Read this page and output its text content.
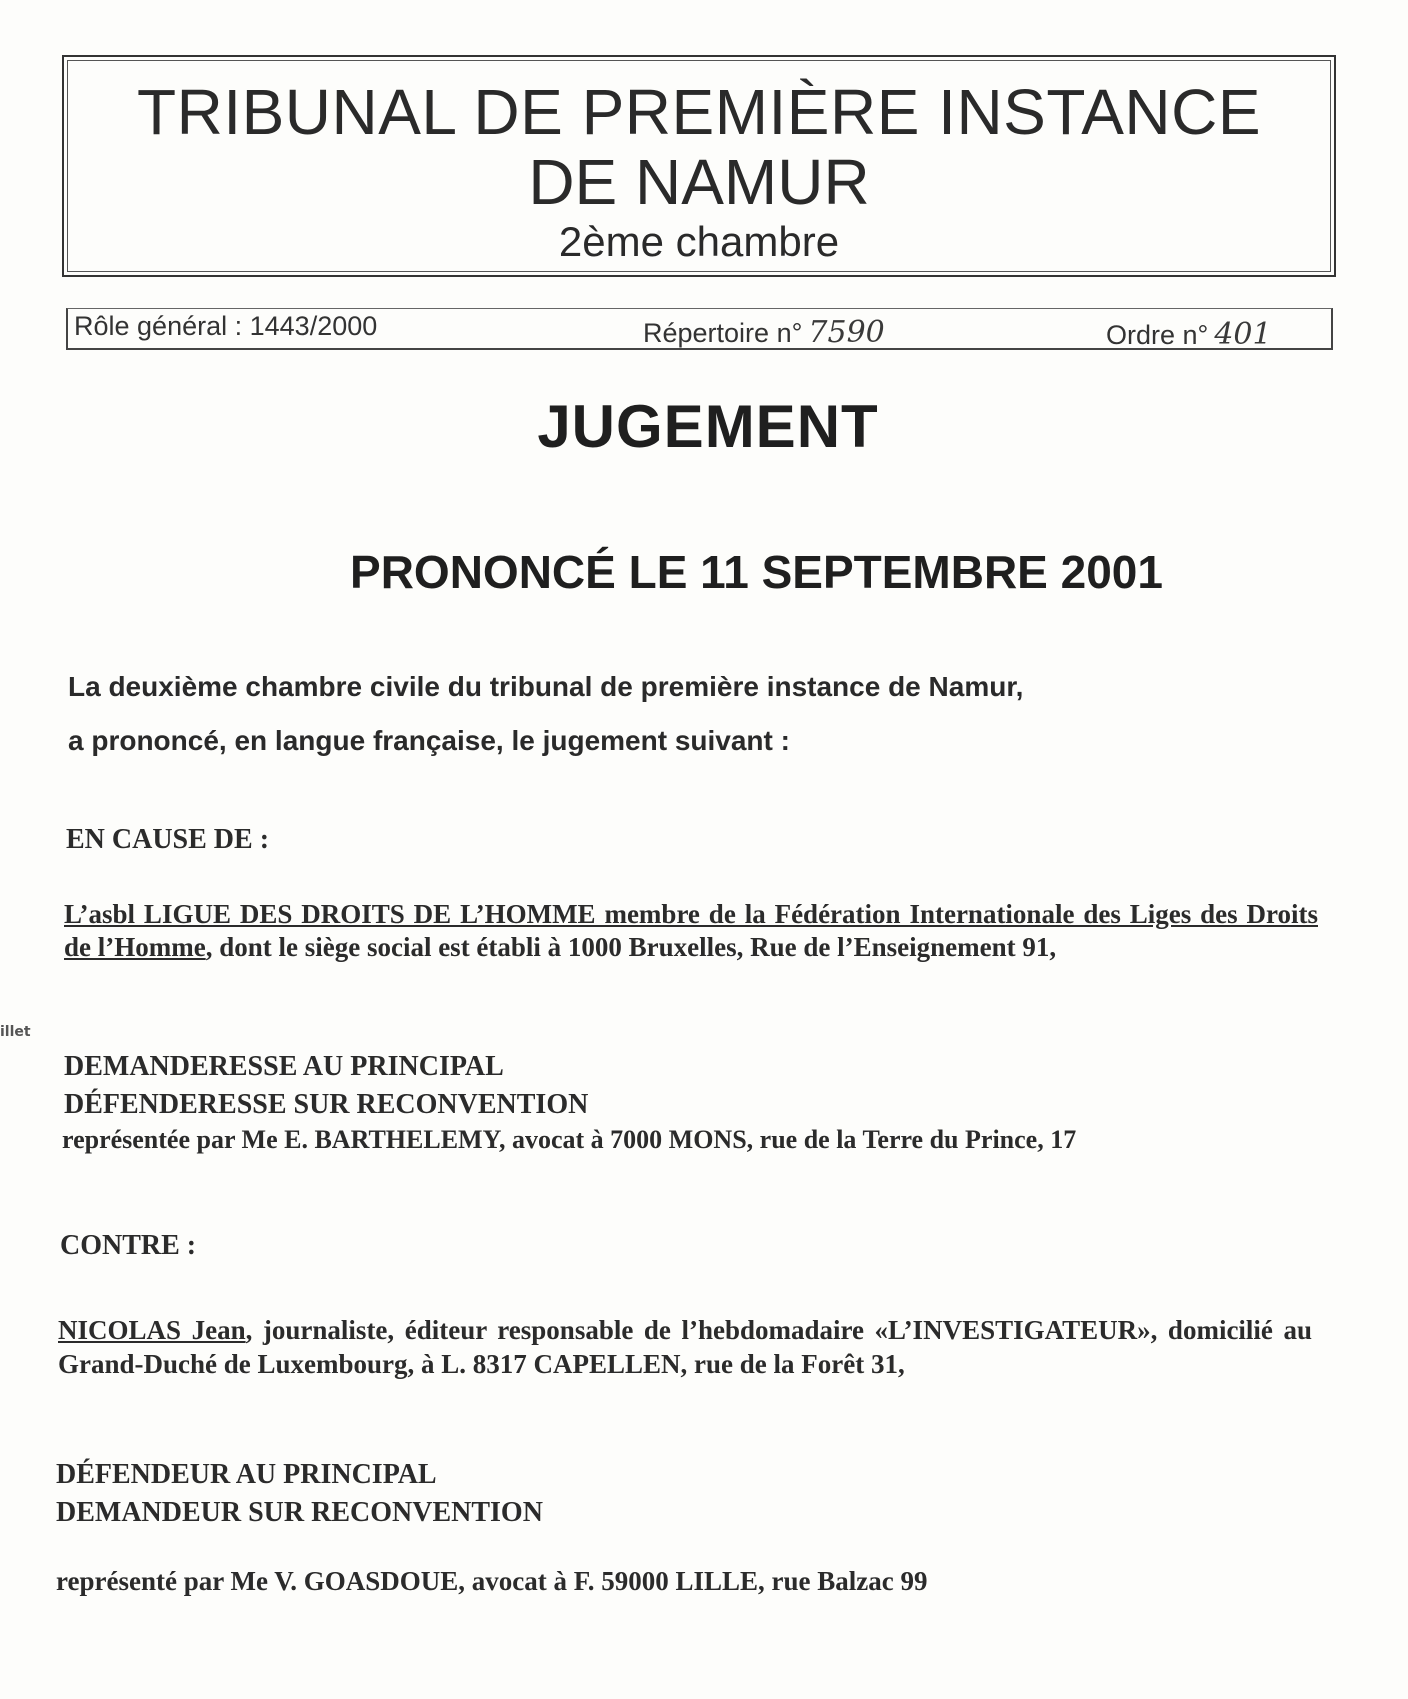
TRIBUNAL DE PREMIÈRE INSTANCE
DE NAMUR
2ème chambre
Rôle général : 1443/2000	Répertoire n° 7590	Ordre n° 401
JUGEMENT
PRONONCÉ LE 11 SEPTEMBRE 2001
La deuxième chambre civile du tribunal de première instance de Namur,
a prononcé, en langue française, le jugement suivant :
EN CAUSE DE :
L’asbl LIGUE DES DROITS DE L’HOMME membre de la Fédération Internationale des Liges des Droits de l’Homme, dont le siège social est établi à 1000 Bruxelles, Rue de l’Enseignement 91,
illet
DEMANDERESSE AU PRINCIPAL
DÉFENDERESSE SUR RECONVENTION
représentée par Me E. BARTHELEMY, avocat à 7000 MONS, rue de la Terre du Prince, 17
CONTRE :
NICOLAS Jean, journaliste, éditeur responsable de l’hebdomadaire «L’INVESTIGATEUR», domicilié au Grand-Duché de Luxembourg, à L. 8317 CAPELLEN, rue de la Forêt 31,
DÉFENDEUR AU PRINCIPAL
DEMANDEUR SUR RECONVENTION
représenté par Me V. GOASDOUE, avocat à F. 59000 LILLE, rue Balzac 99
